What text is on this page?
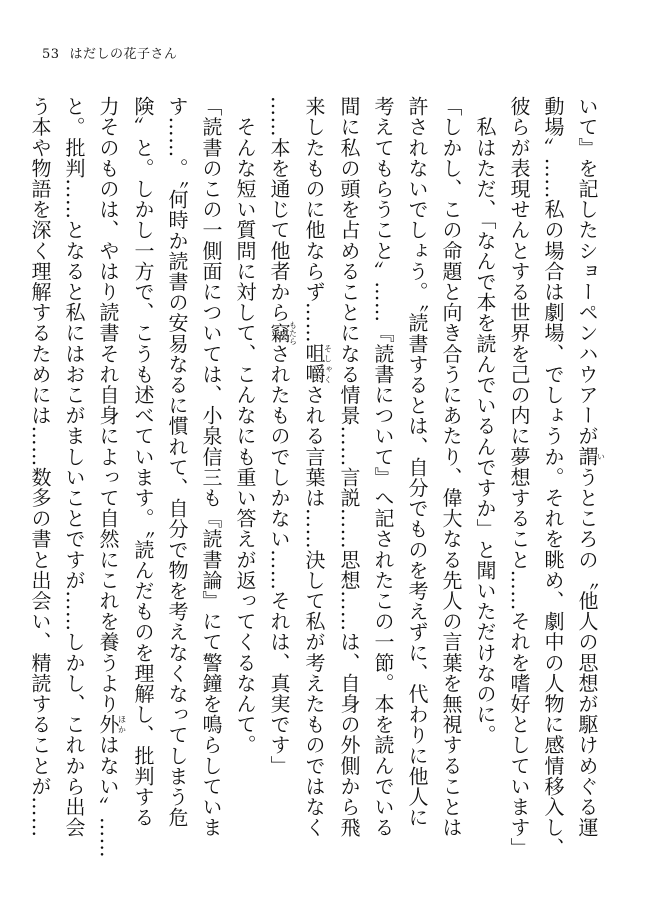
53 はだしの花子さん

いて』を記したショーペンハウアーが謂いうところの〝他人の思想が駆けめぐる運

動場〟……私の場合は劇場、でしょうか。それを眺め、劇中の人物に感情移入し、

彼らが表現せんとする世界を己の内に夢想すること……それを嗜好としています」

　私はただ、「なんで本を読んでいるんですか」と聞いただけなのに。

「しかし、この命題と向き合うにあたり、偉大なる先人の言葉を無視することは

許されないでしょう。〝読書するとは、自分でものを考えずに、代わりに他人に

考えてもらうこと〟……『読書について』へ記されたこの一節。本を読んでいる

間に私の頭を占めることになる情景……言説……思想……は、自身の外側から飛

来したものに他ならず……咀嚼そしゃくされる言葉は……決して私が考えたものではなく

……本を通じて他者から竊もたらされたものでしかない……それは、真実です」

　そんな短い質問に対して、こんなにも重い答えが返ってくるなんて。

「読書のこの一側面については、小泉信三も『読書論』にて警鐘を鳴らしていま

す……。〝何時か読書の安易なるに慣れて、自分で物を考えなくなってしまう危

険〟と。しかし一方で、こうも述べています。〝読んだものを理解し、批判する

力そのものは、やはり読書それ自身によって自然にこれを養うより外ほかはない〟……

と。批判……となると私にはおこがましいことですが……しかし、これから出会

う本や物語を深く理解するためには……数多の書と出会い、精読することが……
